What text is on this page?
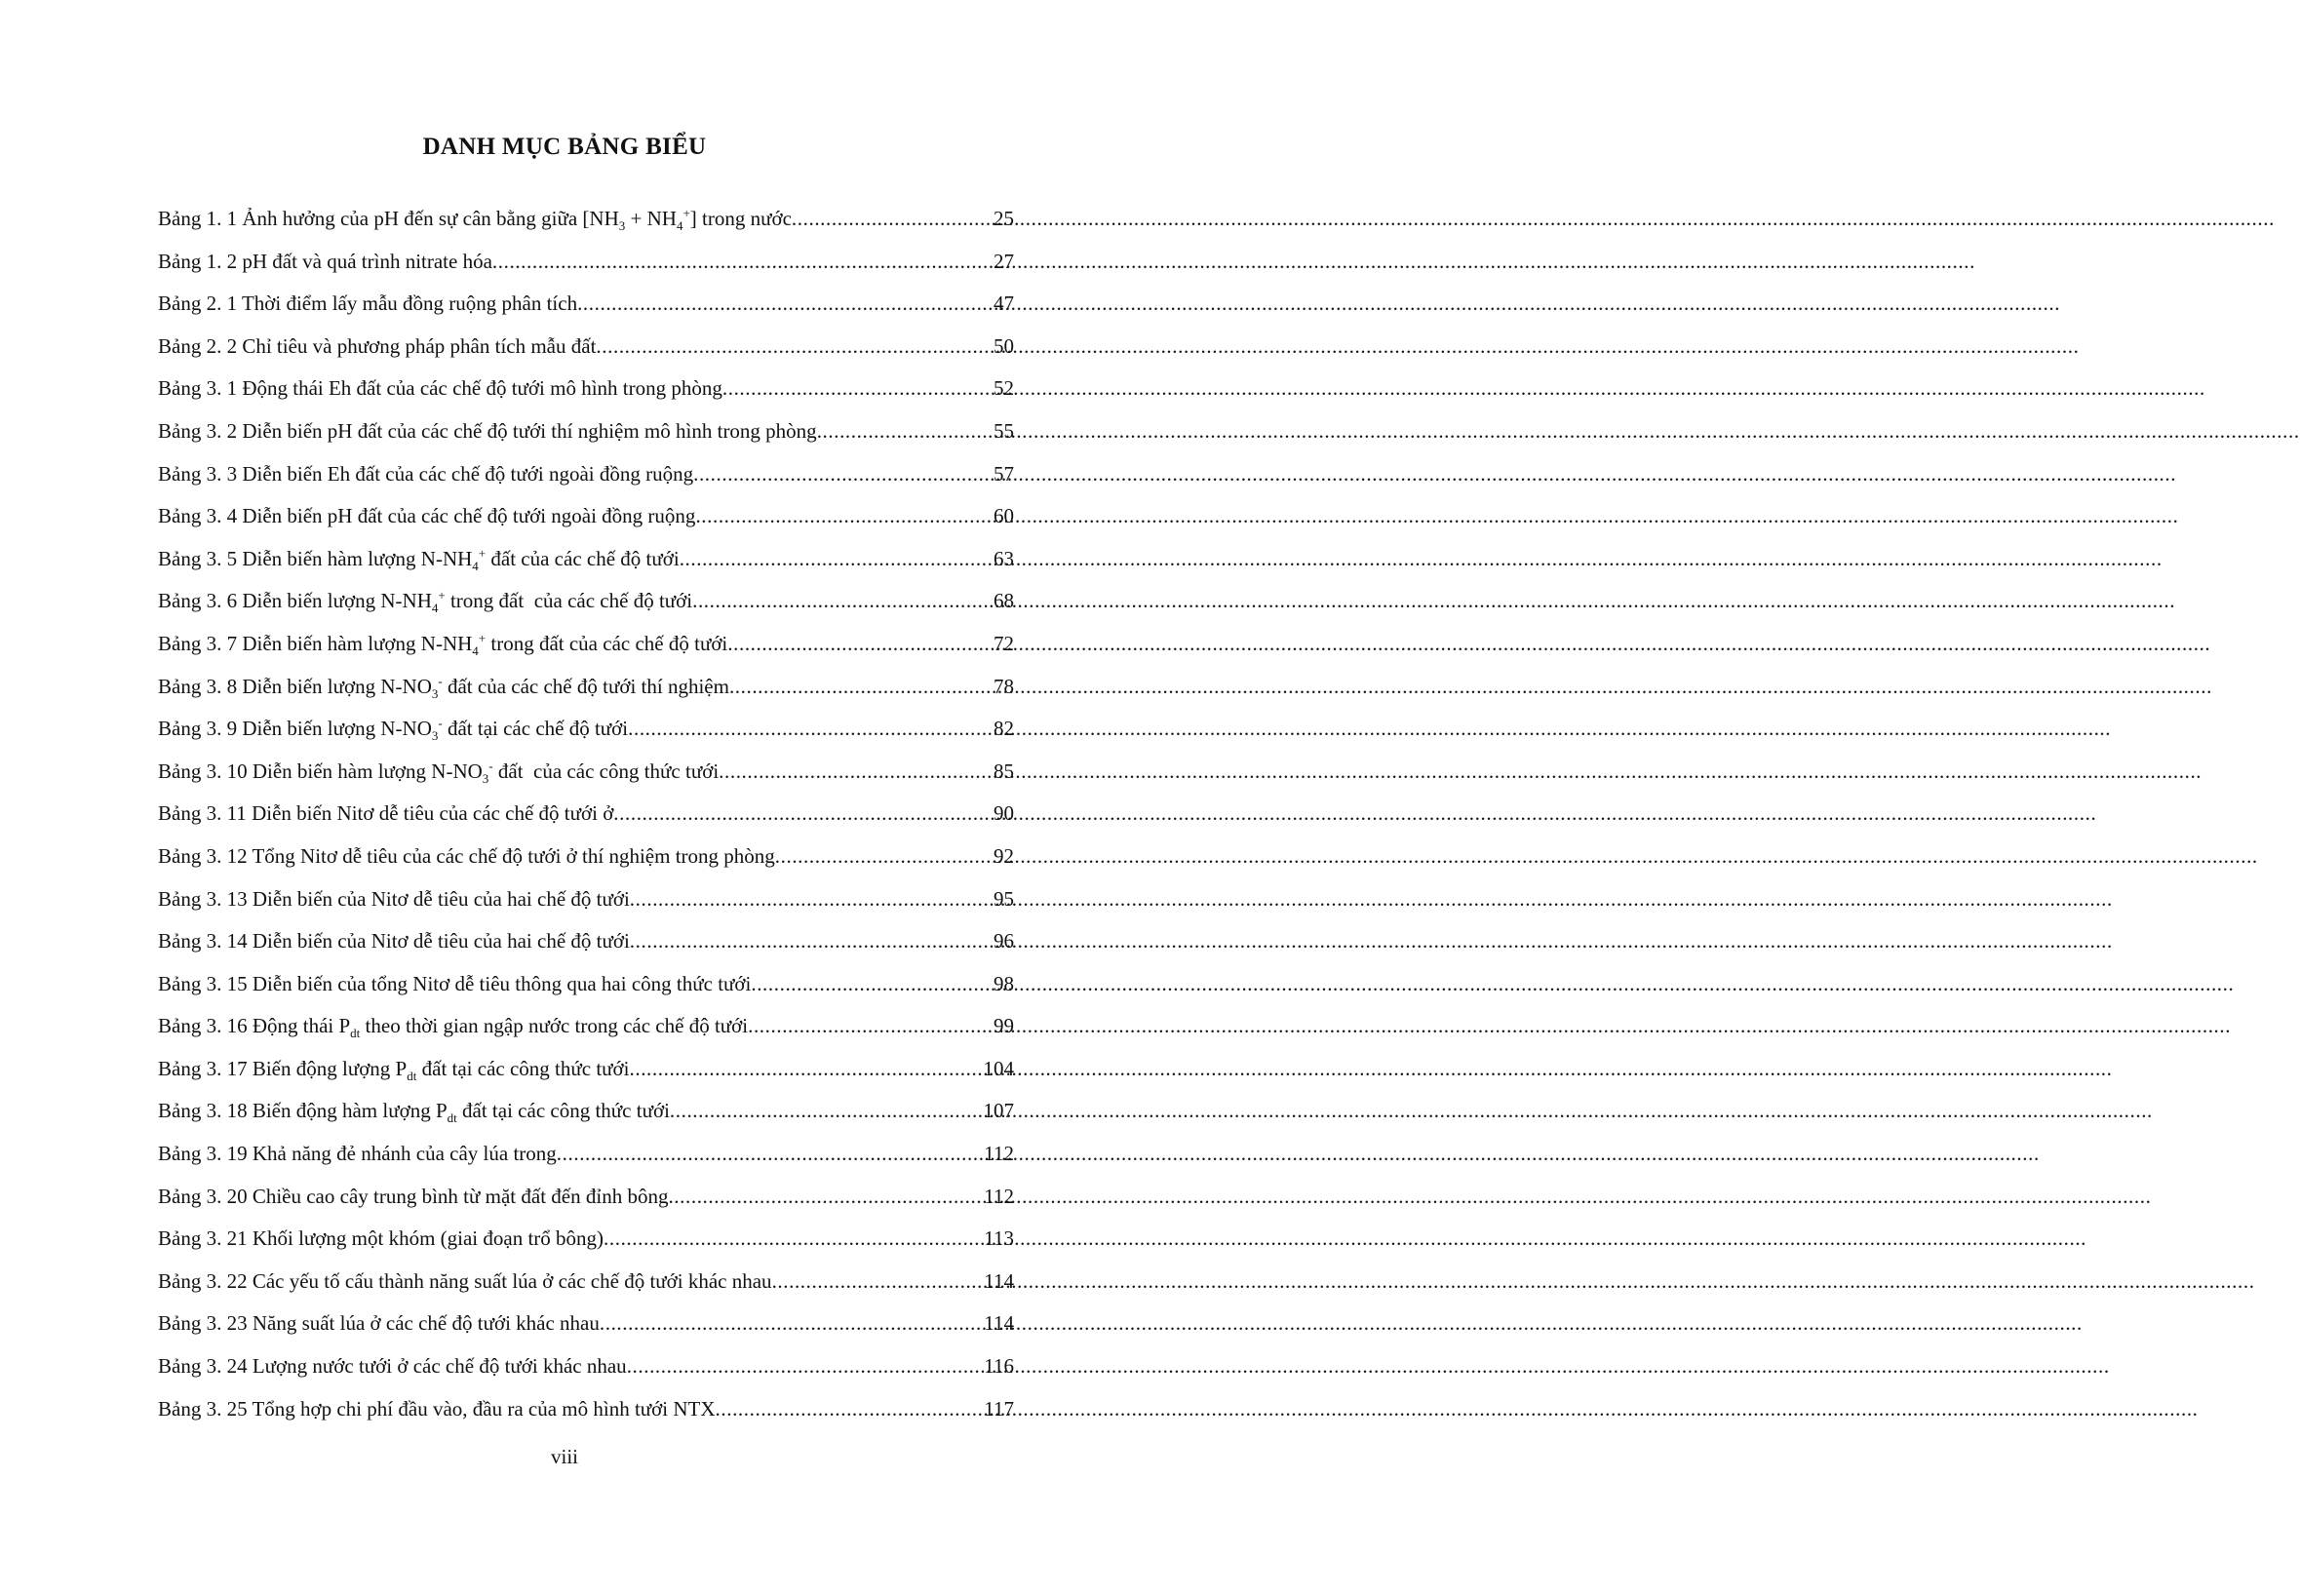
DANH MỤC BẢNG BIỂU
Bảng 1. 1 Ảnh hưởng của pH đến sự cân bằng giữa $[NH_3 + NH_4^+]$ trong nước .....	25
Bảng 1. 2 pH đất và quá trình nitrate hóa .....	27
Bảng 2. 1 Thời điểm lấy mẫu đồng ruộng phân tích .....	47
Bảng 2. 2 Chỉ tiêu và phương pháp phân tích mẫu đất .....	50
Bảng 3. 1 Động thái Eh đất của các chế độ tưới mô hình trong phòng .....	52
Bảng 3. 2 Diễn biến pH đất của các chế độ tưới thí nghiệm mô hình trong phòng .....	55
Bảng 3. 3 Diễn biến Eh đất của các chế độ tưới ngoài đồng ruộng .....	57
Bảng 3. 4 Diễn biến pH đất của các chế độ tưới ngoài đồng ruộng .....	60
Bảng 3. 5 Diễn biến hàm lượng $N-NH_4^+$ đất của các chế độ tưới .....	63
Bảng 3. 6 Diễn biến lượng $N-NH_4^+$ trong đất  của các chế độ tưới .....	68
Bảng 3. 7 Diễn biến hàm lượng $N-NH_4^+$ trong đất của các chế độ tưới .....	72
Bảng 3. 8 Diễn biến lượng $N-NO_3^-$ đất của các chế độ tưới thí nghiệm .....	78
Bảng 3. 9 Diễn biến lượng $N-NO_3^-$ đất tại các chế độ tưới .....	82
Bảng 3. 10 Diễn biến hàm lượng $N-NO_3^-$ đất  của các công thức tưới .....	85
Bảng 3. 11 Diễn biến Nitơ dễ tiêu của các chế độ tưới ở .....	90
Bảng 3. 12 Tổng Nitơ dễ tiêu của các chế độ tưới ở thí nghiệm trong phòng .....	92
Bảng 3. 13 Diễn biến của Nitơ dễ tiêu của hai chế độ tưới .....	95
Bảng 3. 14 Diễn biến của Nitơ dễ tiêu của hai chế độ tưới .....	96
Bảng 3. 15 Diễn biến của tổng Nitơ dễ tiêu thông qua hai công thức tưới .....	98
Bảng 3. 16 Động thái $P_{dt}$ theo thời gian ngập nước trong các chế độ tưới .....	99
Bảng 3. 17 Biến động lượng $P_{dt}$ đất tại các công thức tưới .....	104
Bảng 3. 18 Biến động hàm lượng $P_{dt}$ đất tại các công thức tưới .....	107
Bảng 3. 19 Khả năng đẻ nhánh của cây lúa trong .....	112
Bảng 3. 20 Chiều cao cây trung bình từ mặt đất đến đỉnh bông .....	112
Bảng 3. 21 Khối lượng một khóm (giai đoạn trổ bông) .....	113
Bảng 3. 22 Các yếu tố cấu thành năng suất lúa ở các chế độ tưới khác nhau .....	114
Bảng 3. 23 Năng suất lúa ở các chế độ tưới khác nhau .....	114
Bảng 3. 24 Lượng nước tưới ở các chế độ tưới khác nhau .....	116
Bảng 3. 25 Tổng hợp chi phí đầu vào, đầu ra của mô hình tưới NTX .....	117
viii
